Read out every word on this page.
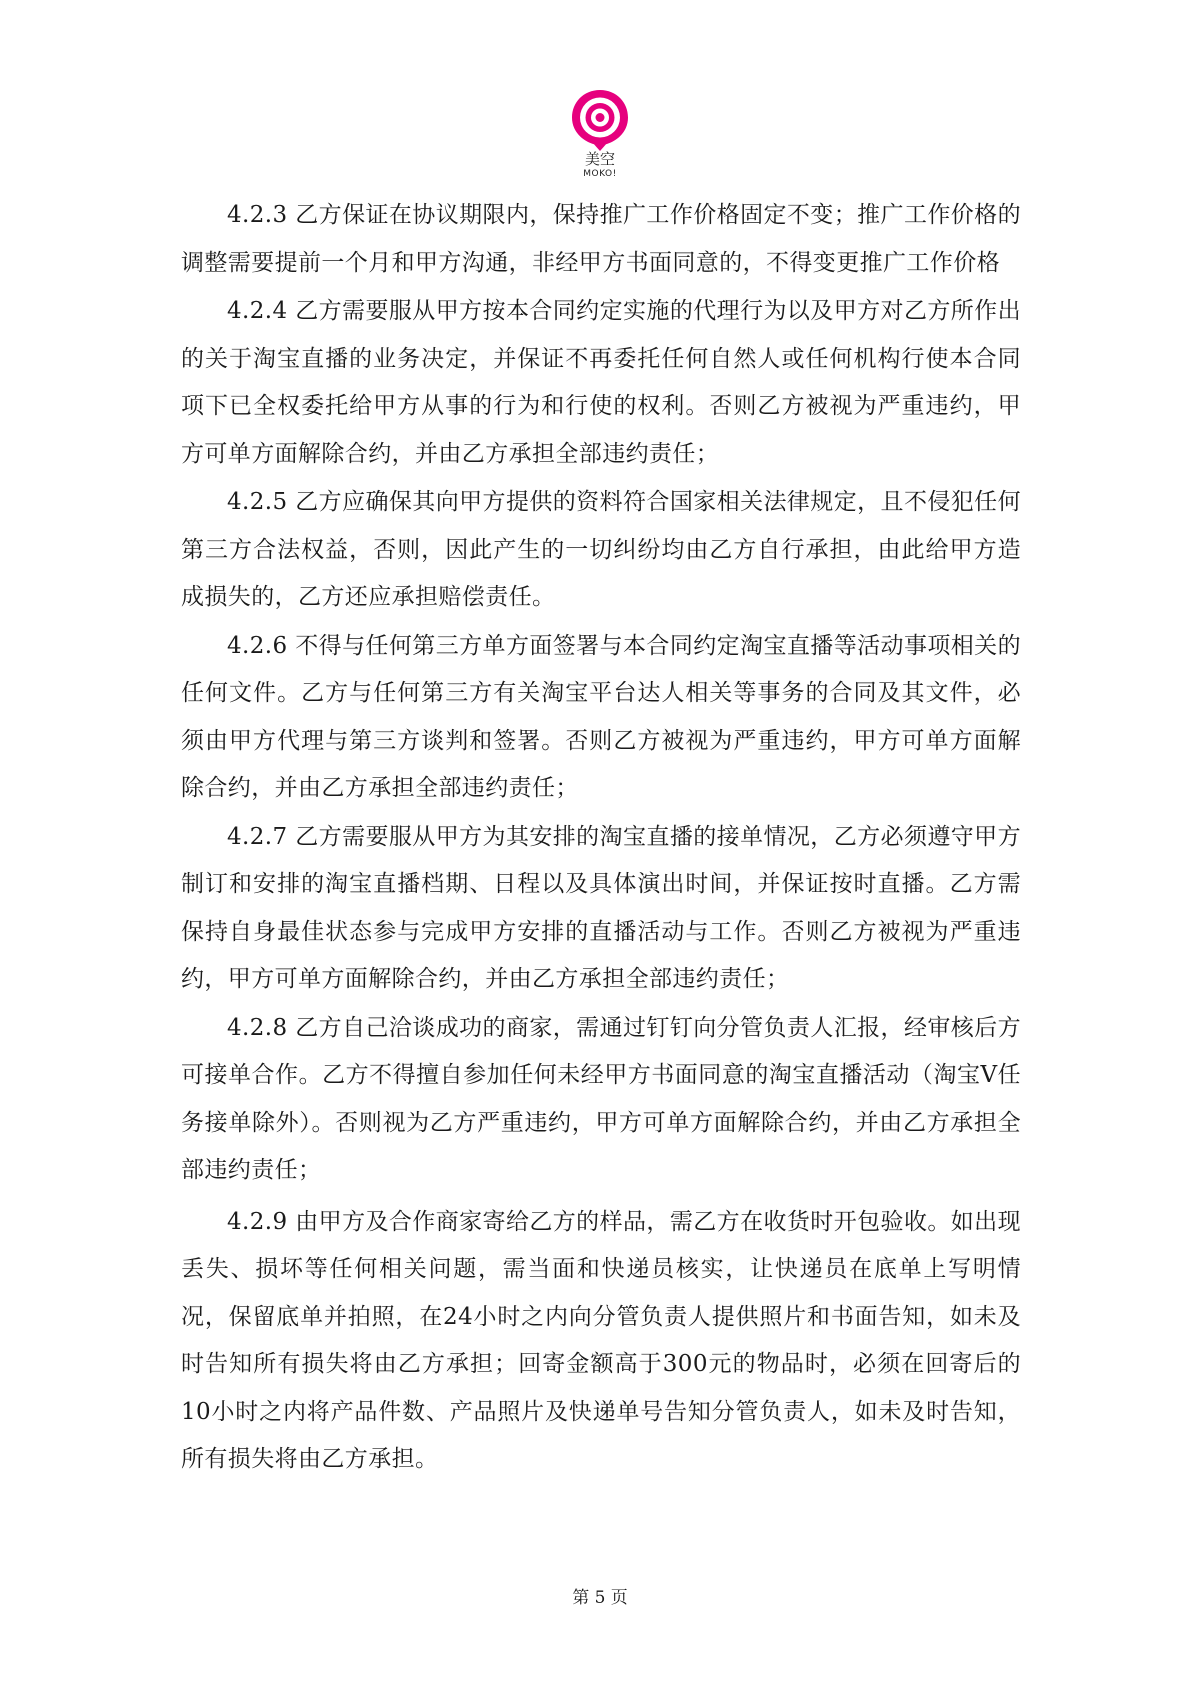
美空
MOKO!

4.2.3 乙方保证在协议期限内，保持推广工作价格固定不变；推广工作价格的调整需要提前一个月和甲方沟通，非经甲方书面同意的，不得变更推广工作价格

4.2.4 乙方需要服从甲方按本合同约定实施的代理行为以及甲方对乙方所作出的关于淘宝直播的业务决定，并保证不再委托任何自然人或任何机构行使本合同项下已全权委托给甲方从事的行为和行使的权利。否则乙方被视为严重违约，甲方可单方面解除合约，并由乙方承担全部违约责任；

4.2.5 乙方应确保其向甲方提供的资料符合国家相关法律规定，且不侵犯任何第三方合法权益，否则，因此产生的一切纠纷均由乙方自行承担，由此给甲方造成损失的，乙方还应承担赔偿责任。

4.2.6 不得与任何第三方单方面签署与本合同约定淘宝直播等活动事项相关的任何文件。乙方与任何第三方有关淘宝平台达人相关等事务的合同及其文件，必须由甲方代理与第三方谈判和签署。否则乙方被视为严重违约，甲方可单方面解除合约，并由乙方承担全部违约责任；

4.2.7 乙方需要服从甲方为其安排的淘宝直播的接单情况，乙方必须遵守甲方制订和安排的淘宝直播档期、日程以及具体演出时间，并保证按时直播。乙方需保持自身最佳状态参与完成甲方安排的直播活动与工作。否则乙方被视为严重违约，甲方可单方面解除合约，并由乙方承担全部违约责任；

4.2.8 乙方自己洽谈成功的商家，需通过钉钉向分管负责人汇报，经审核后方可接单合作。乙方不得擅自参加任何未经甲方书面同意的淘宝直播活动（淘宝V任务接单除外）。否则视为乙方严重违约，甲方可单方面解除合约，并由乙方承担全部违约责任；

4.2.9 由甲方及合作商家寄给乙方的样品，需乙方在收货时开包验收。如出现丢失、损坏等任何相关问题，需当面和快递员核实，让快递员在底单上写明情况，保留底单并拍照，在24小时之内向分管负责人提供照片和书面告知，如未及时告知所有损失将由乙方承担；回寄金额高于300元的物品时，必须在回寄后的10小时之内将产品件数、产品照片及快递单号告知分管负责人，如未及时告知，所有损失将由乙方承担。

第 5 页
